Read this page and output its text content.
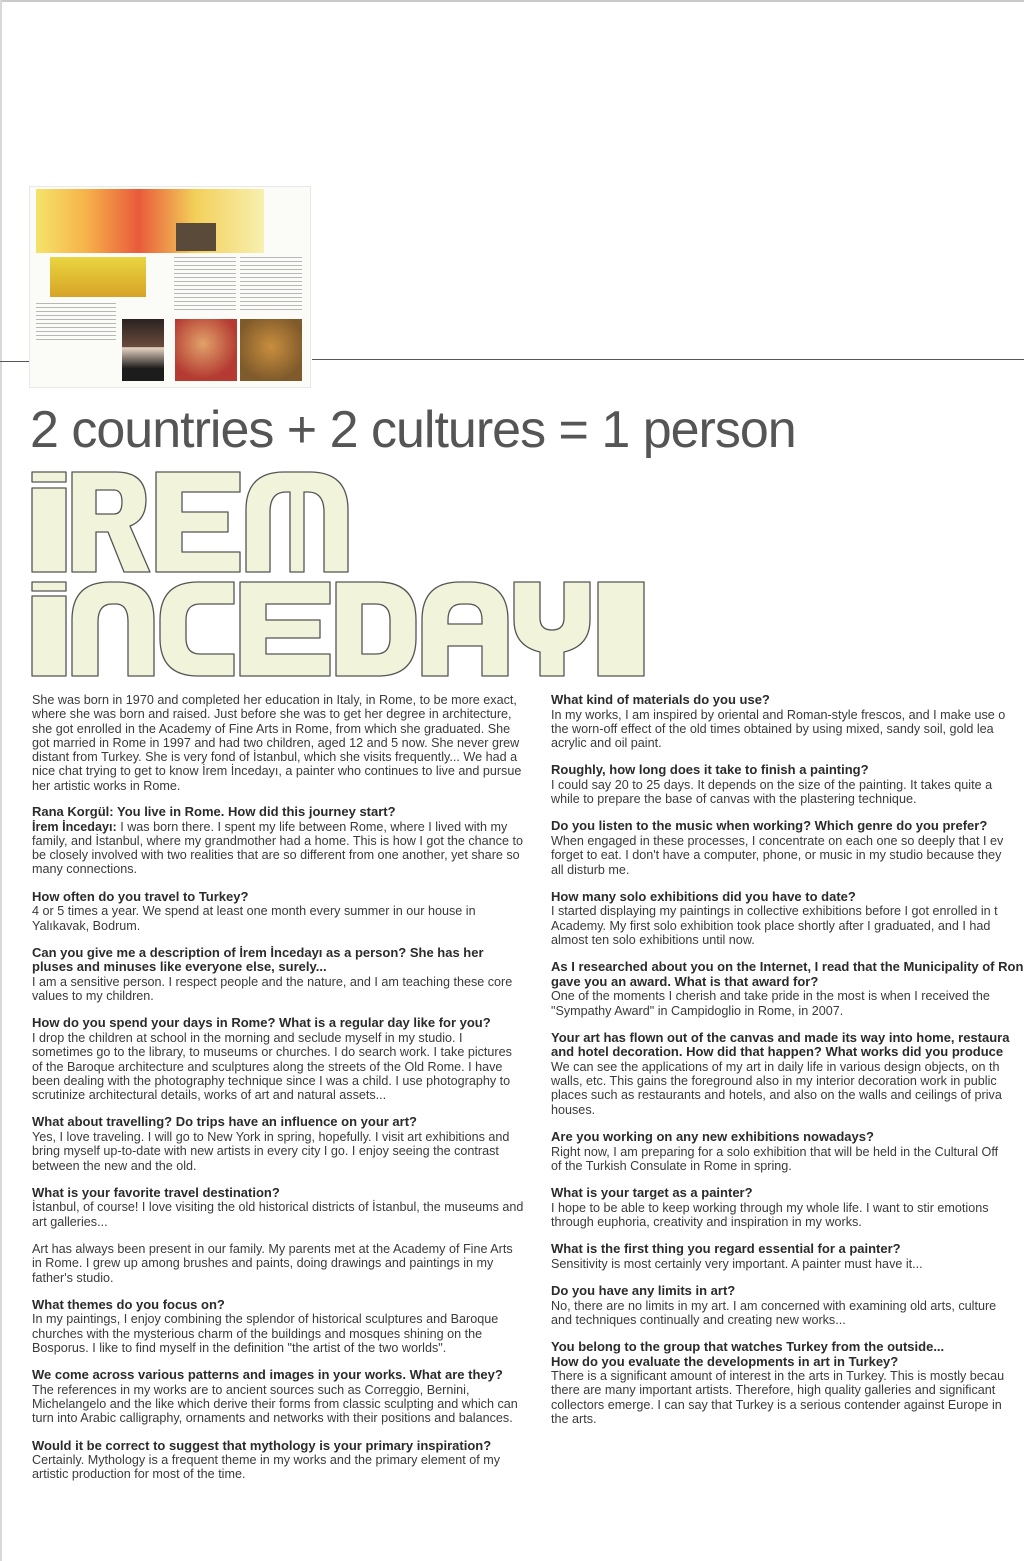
2 countries + 2 cultures = 1 person

She was born in 1970 and completed her education in Italy, in Rome, to be more exact, where she was born and raised. Just before she was to get her degree in architecture, she got enrolled in the Academy of Fine Arts in Rome, from which she graduated. She got married in Rome in 1997 and had two children, aged 12 and 5 now. She never grew distant from Turkey. She is very fond of İstanbul, which she visits frequently... We had a nice chat trying to get to know İrem İncedayı, a painter who continues to live and pursue her artistic works in Rome.

Rana Korgül: You live in Rome. How did this journey start?

İrem İncedayı: I was born there. I spent my life between Rome, where I lived with my family, and İstanbul, where my grandmother had a home. This is how I got the chance to be closely involved with two realities that are so different from one another, yet share so many connections.

How often do you travel to Turkey?

4 or 5 times a year. We spend at least one month every summer in our house in Yalıkavak, Bodrum.

Can you give me a description of İrem İncedayı as a person? She has her pluses and minuses like everyone else, surely...

I am a sensitive person. I respect people and the nature, and I am teaching these core values to my children.

How do you spend your days in Rome? What is a regular day like for you?

I drop the children at school in the morning and seclude myself in my studio. I sometimes go to the library, to museums or churches. I do search work. I take pictures of the Baroque architecture and sculptures along the streets of the Old Rome. I have been dealing with the photography technique since I was a child. I use photography to scrutinize architectural details, works of art and natural assets...

What about travelling? Do trips have an influence on your art?

Yes, I love traveling. I will go to New York in spring, hopefully. I visit art exhibitions and bring myself up-to-date with new artists in every city I go. I enjoy seeing the contrast between the new and the old.

What is your favorite travel destination?

İstanbul, of course! I love visiting the old historical districts of İstanbul, the museums and art galleries...

Art has always been present in our family. My parents met at the Academy of Fine Arts in Rome. I grew up among brushes and paints, doing drawings and paintings in my father's studio.

What themes do you focus on?

In my paintings, I enjoy combining the splendor of historical sculptures and Baroque churches with the mysterious charm of the buildings and mosques shining on the Bosporus. I like to find myself in the definition "the artist of the two worlds".

We come across various patterns and images in your works. What are they?

The references in my works are to ancient sources such as Correggio, Bernini, Michelangelo and the like which derive their forms from classic sculpting and which can turn into Arabic calligraphy, ornaments and networks with their positions and balances.

Would it be correct to suggest that mythology is your primary inspiration?

Certainly. Mythology is a frequent theme in my works and the primary element of my artistic production for most of the time.

What kind of materials do you use?

In my works, I am inspired by oriental and Roman-style frescos, and I make use o

the worn-off effect of the old times obtained by using mixed, sandy soil, gold lea

acrylic and oil paint.

Roughly, how long does it take to finish a painting?

I could say 20 to 25 days. It depends on the size of the painting. It takes quite a

while to prepare the base of canvas with the plastering technique.

Do you listen to the music when working? Which genre do you prefer?

When engaged in these processes, I concentrate on each one so deeply that I ev

forget to eat. I don't have a computer, phone, or music in my studio because they

all disturb me.

How many solo exhibitions did you have to date?

I started displaying my paintings in collective exhibitions before I got enrolled in t

Academy. My first solo exhibition took place shortly after I graduated, and I had

almost ten solo exhibitions until now.

As I researched about you on the Internet, I read that the Municipality of Ron
gave you an award. What is that award for?

One of the moments I cherish and take pride in the most is when I received the

"Sympathy Award" in Campidoglio in Rome, in 2007.

Your art has flown out of the canvas and made its way into home, restaura
and hotel decoration. How did that happen? What works did you produce

We can see the applications of my art in daily life in various design objects, on th

walls, etc. This gains the foreground also in my interior decoration work in public

places such as restaurants and hotels, and also on the walls and ceilings of priva

houses.

Are you working on any new exhibitions nowadays?

Right now, I am preparing for a solo exhibition that will be held in the Cultural Off

of the Turkish Consulate in Rome in spring.

What is your target as a painter?

I hope to be able to keep working through my whole life. I want to stir emotions

through euphoria, creativity and inspiration in my works.

What is the first thing you regard essential for a painter?

Sensitivity is most certainly very important. A painter must have it...

Do you have any limits in art?

No, there are no limits in my art. I am concerned with examining old arts, culture

and techniques continually and creating new works...

You belong to the group that watches Turkey from the outside...
How do you evaluate the developments in art in Turkey?

There is a significant amount of interest in the arts in Turkey. This is mostly becau

there are many important artists. Therefore, high quality galleries and significant

collectors emerge. I can say that Turkey is a serious contender against Europe in

the arts.
